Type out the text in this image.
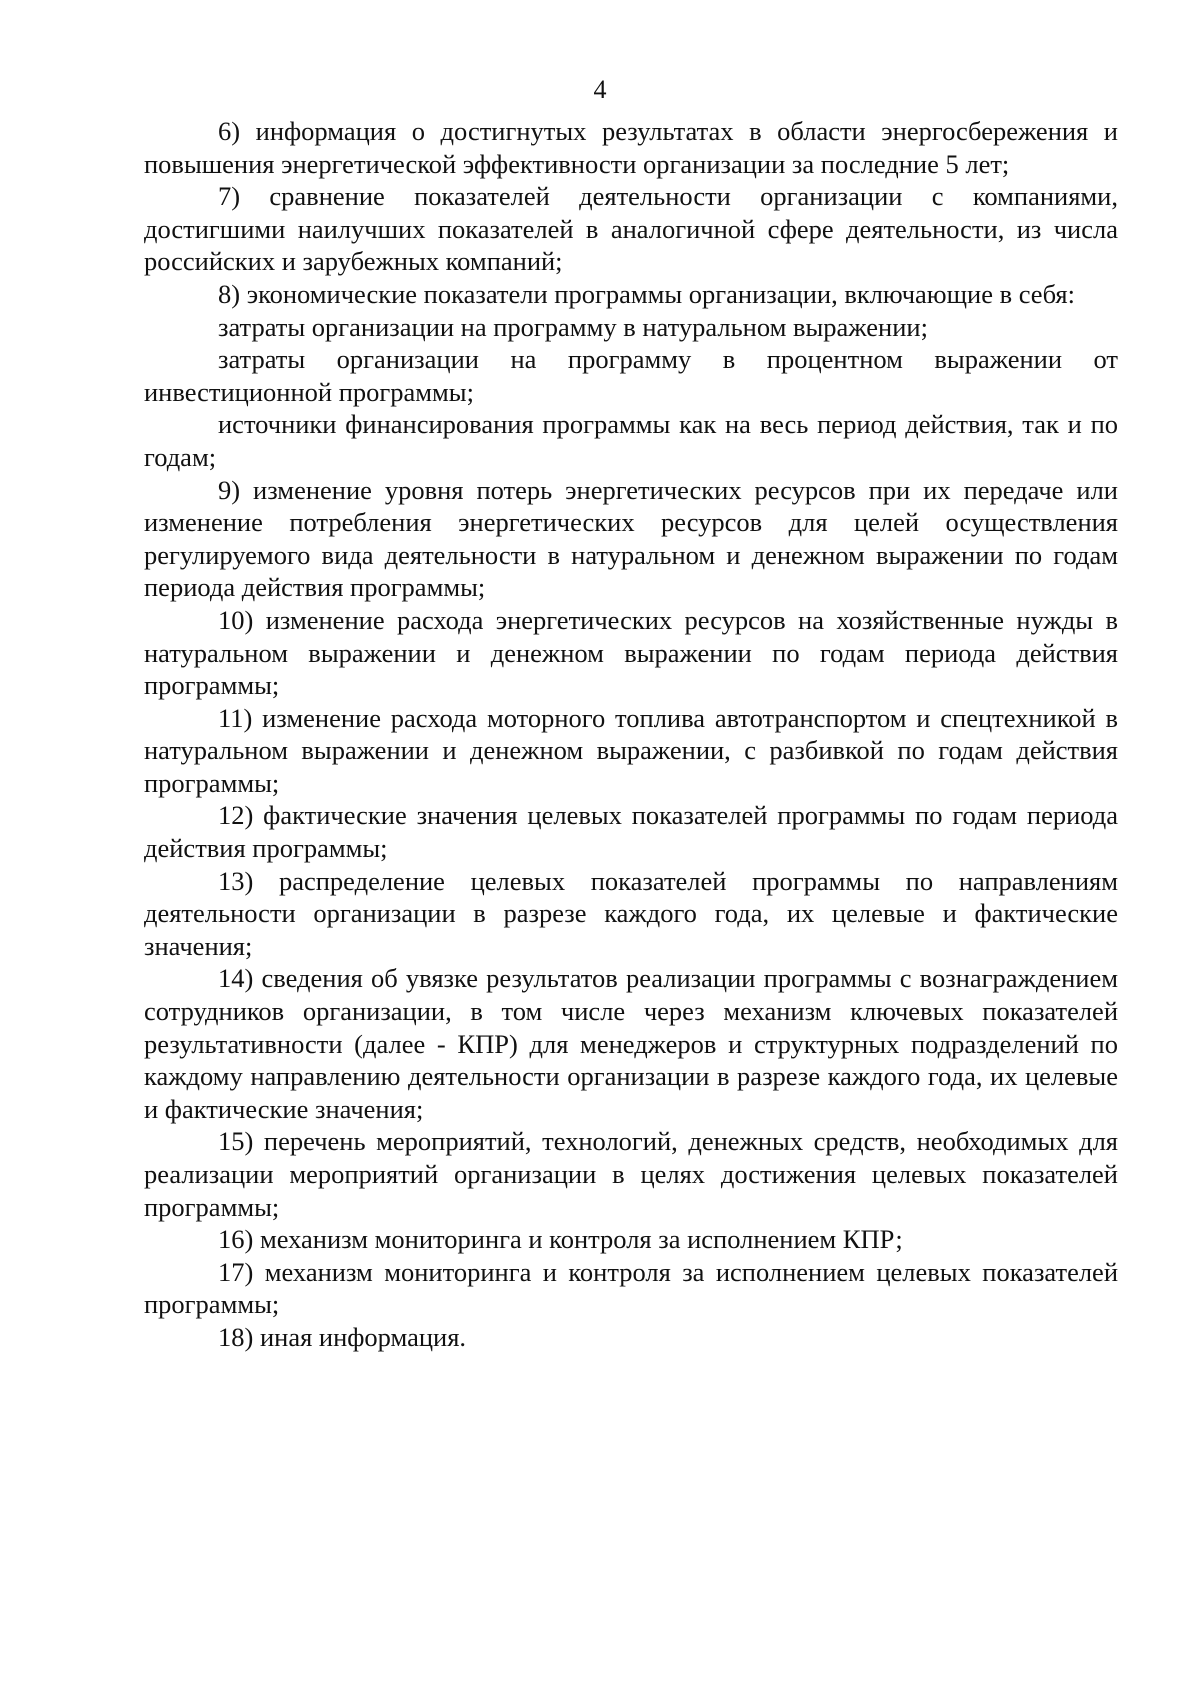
4

6) информация о достигнутых результатах в области энергосбережения и повышения энергетической эффективности организации за последние 5 лет;

7) сравнение показателей деятельности организации с компаниями, достигшими наилучших показателей в аналогичной сфере деятельности, из числа российских и зарубежных компаний;

8) экономические показатели программы организации, включающие в себя:

затраты организации на программу в натуральном выражении;

затраты организации на программу в процентном выражении от инвестиционной программы;

источники финансирования программы как на весь период действия, так и по годам;

9) изменение уровня потерь энергетических ресурсов при их передаче или изменение потребления энергетических ресурсов для целей осуществления регулируемого вида деятельности в натуральном и денежном выражении по годам периода действия программы;

10) изменение расхода энергетических ресурсов на хозяйственные нужды в натуральном выражении и денежном выражении по годам периода действия программы;

11) изменение расхода моторного топлива автотранспортом и спецтехникой в натуральном выражении и денежном выражении, с разбивкой по годам действия программы;

12) фактические значения целевых показателей программы по годам периода действия программы;

13) распределение целевых показателей программы по направлениям деятельности организации в разрезе каждого года, их целевые и фактические значения;

14) сведения об увязке результатов реализации программы с вознаграждением сотрудников организации, в том числе через механизм ключевых показателей результативности (далее - КПР) для менеджеров и структурных подразделений по каждому направлению деятельности организации в разрезе каждого года, их целевые и фактические значения;

15) перечень мероприятий, технологий, денежных средств, необходимых для реализации мероприятий организации в целях достижения целевых показателей программы;

16) механизм мониторинга и контроля за исполнением КПР;

17) механизм мониторинга и контроля за исполнением целевых показателей программы;

18) иная информация.
